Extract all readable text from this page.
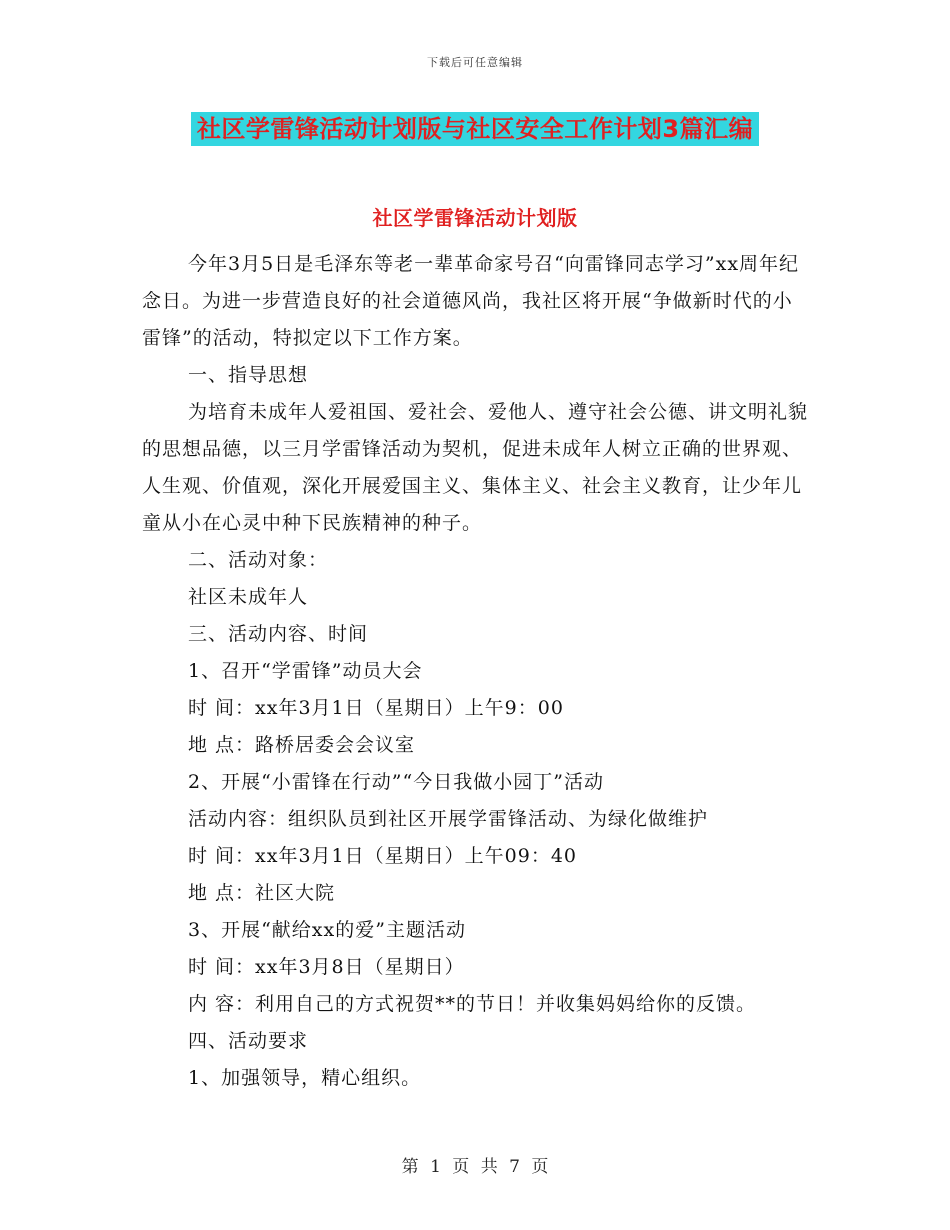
下载后可任意编辑
社区学雷锋活动计划版与社区安全工作计划3篇汇编
社区学雷锋活动计划版

今年3月5日是毛泽东等老一辈革命家号召“向雷锋同志学习”xx周年纪念日。为进一步营造良好的社会道德风尚，我社区将开展“争做新时代的小雷锋”的活动，特拟定以下工作方案。

一、指导思想

为培育未成年人爱祖国、爱社会、爱他人、遵守社会公德、讲文明礼貌的思想品德，以三月学雷锋活动为契机，促进未成年人树立正确的世界观、人生观、价值观，深化开展爱国主义、集体主义、社会主义教育，让少年儿童从小在心灵中种下民族精神的种子。

二、活动对象：

社区未成年人

三、活动内容、时间

1、召开“学雷锋”动员大会

时 间：xx年3月1日（星期日）上午9：00

地 点：路桥居委会会议室

2、开展“小雷锋在行动”“今日我做小园丁”活动

活动内容：组织队员到社区开展学雷锋活动、为绿化做维护

时 间：xx年3月1日（星期日）上午09：40

地 点：社区大院

3、开展“献给xx的爱”主题活动

时 间：xx年3月8日（星期日）

内 容：利用自己的方式祝贺**的节日！并收集妈妈给你的反馈。

四、活动要求

1、加强领导，精心组织。

第 1 页 共 7 页
